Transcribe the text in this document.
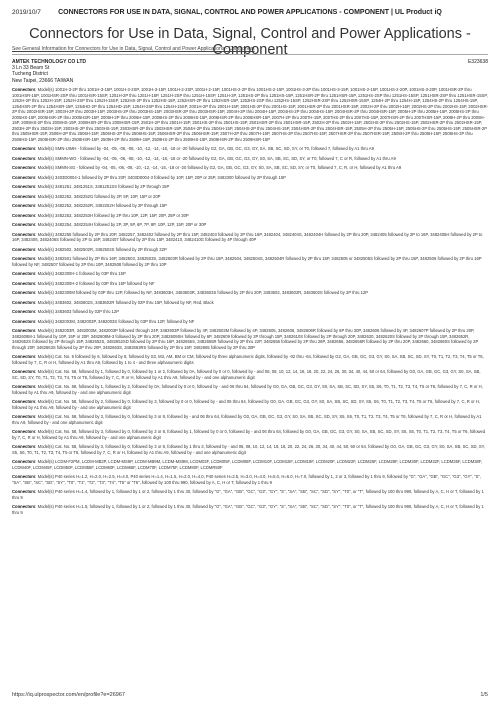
2019/10/7	CONNECTORS FOR USE IN DATA, SIGNAL, CONTROL AND POWER APPLICATIONS - COMPONENT | UL Product iQ
Connectors for Use in Data, Signal, Control and Power Applications - Component
See General Information for Connectors for Use in Data, Signal, Control and Power Applications - Component
AMTEK TECHNOLOGY CO LTD	E323638
3 Ln 33 Beam St
Tucheng District
New Taipei, 23666 TAIWAN
Connectors: Model(s) 1001H-3-2P thru 1001H-3-15P, 1001H-3-2SP, 1001H-3-15P, 1001H-2-2SP, 1001H-2-15P, 1001HS-2-2P thru 1001HS-2-15P, 1001HS-3-2P thru 1001HS-3-15P, 1001HS-2-15P, 1001HS-2-20P, 1001HS-3-20P, 1001HSR-2P thru 1001HSR-15P, 1001HSR-2SP thru 1001HSR-15SP, 1251H-2P thru 1251H-15P, 1251H-2SP thru 1251H-15SP, 1251H-2P, 1251HS-2P thru 1251HS-15P, 1251HSR-2P thru 1251HSR-15P, 1251HS-2SP thru 1251HS-15SP, 1251HSR-2SP thru 1251HSR-15SP, 1252H-2P thru 1252H-15P, 1252H-2SP thru 1252H-15SP, 1252HS-2P thru 1252HS-15P, 1252HSR-2P thru 1252HSR-15P, 1252HS-2SP thru 1252HS-15SP, 1252HSR-2SP thru 1252HSR-15SP, 1254H-2P thru 1254H-15P, 1254HS-2P thru 1254HS-15P, 1254HSR-2P thru 1254HSR-15P, 1254HD-2P thru 1254HD-15P, 1254H-2SP thru 1254H-15SP, 2001H-2P thru 2001H-15P, 2001HS-2P thru 2001HS-15P, 2001HSR-2P thru 2001HSR-15P, 2002H-2P thru 2002H-15P, 2002HS-2P thru 2002HS-15P, 2002HSR-2P thru 2002HSR-15P, 2003H-2P thru 2003H-15P, 2003HS-2P thru 2003HS-15P, 2003HSR-2P thru 2003HSR-15P, 2004H-2P thru 2004H-15P, 2004HS-2P thru 2004HS-15P, 2004HSR-2P thru 2004HSR-15P, 2005H-2P thru 2005H-15P, 2005HS-2P thru 2005HS-15P, 2005HSR-2P thru 2005HSR-15P, 2006H-2P thru 2006H-15P, 2006HS-2P thru 2006HS-15P, 2006HSR-2P thru 2006HSR-15P, 2007H-2P thru 2007H-15P, 2007HS-2P thru 2007HS-15P, 2007HSR-2P thru 2007HSR-15P, 2008H-2P thru 2008H-15P, 2008HS-2P thru 2008HS-15P, 2008HSR-2P thru 2008HSR-15P, 2501H-2P thru 2501H-15P, 2501HS-2P thru 2501HS-15P, 2501HSR-2P thru 2501HSR-15P, 2502H-2P thru 2502H-15P, 2502HS-2P thru 2502HS-15P, 2502HSR-2P thru 2502HSR-15P, 2503H-2P thru 2503H-15P, 2503HS-2P thru 2503HS-15P, 2503HSR-2P thru 2503HSR-15P, 2504H-2P thru 2504H-15P, 2504HS-2P thru 2504HS-15P, 2504HSR-2P thru 2504HSR-15P, 2505H-2P thru 2505H-15P, 2505HS-2P thru 2505HS-15P, 2505HSR-2P thru 2505HSR-15P, 2506H-2P thru 2506H-15P, 2506HS-2P thru 2506HS-15P, 2506HSR-2P thru 2506HSR-15P, 2507H-2P thru 2507H-15P, 2507HS-2P thru 2507HS-15P, 2507HSR-2P thru 2507HSR-15P, 2508H-2P thru 2508H-15P, 2508HS-2P thru 2508HS-15P, 2508HSR-2P thru 2508HSR-15P, 2509H-2P thru 2509H-15P, 2509HS-2P thru 2509HS-15P, 2509HSR-2P thru 2509HSR-15P
Connectors: Model(s) SMN-UIMH - followed by -04, -05, -06, -08, -10, -12, -14, -16, -18 or -20 followed by G2, GA, GB, GC, G3, GY, SA, SB, SC, SD, SY, or T0, followed 7, followed by A1 thru A9
Connectors: Model(s) SMMN-WG - followed by -04, -05, -06, -08, -10, -12, -14, -16, -18 or -20 followed by G2, GA, GB, GC, G3, GY, S0, SA, SB, SC, SD, SY, or T0, followed 7, C or R, followed by A1 thru A9
Connectors: Model(s) SMMN-SG - followed by -04, -05, -06, -08, -10, -12, -14, -16, -18 or -20 followed by G2, GA, GB, GC, G3, GY, S0, SA, SB, SC, SD, SY, or T0, followed 7, C, R, or H, followed by A1 thru A9
Connectors: Model(s) 3403D0004-1 followed by 2P thru 20P, 3403D0004-3 followed by 10P, 15P, 20P or 25P, 3482300 followed by 2P through 15P
Connectors: Model(s) 3481251 ,3481251S, 3481251SS followed by 2P through 15P
Connectors: Model(s) 3482252, 3482252G followed by 2P, 5P, 10P, 15P or 20P
Connectors: Model(s) 3482252, 3482252R, 3482252H followed by 2P through 15P
Connectors: Model(s) 3482253, 3482253H followed by 2P thru 10P, 12P, 15P, 20P, 25P or 30P
Connectors: Model(s) 3482254, 3482254H followed by 2P, 3P, 5P, 6P, 7P, 8P, 10P, 12P, 15P, 20P or 30P
Connectors: Model(s) 3482255 followed by 2P thru 20P, 3482257, 3482402 followed by 2P thru 15P, 3482403 followed by 2P thru 16P, 3482404, 3482404S, 3482404H followed by 2P thru 20P, 3482405 followed by 2P to 16P, 3482405H followed by 2P to 16P, 3482406, 3482406S followed by 2P to 16P, 3482407 followed by 2P thru 15P, 3482410, 3482410G followed by 4P through 40P
Connectors: Model(s) 3482502, 3482502R, 3482502S followed by 2P through 32P
Connectors: Model(s) 3482501 followed by 2P thru 16P, 3482503, 3482503S, 3482503R followed by 2P thru 15P, 3482504, 3482504S, 3482504R followed by 2P thru 15P, 3482505 or 3482505S followed by 2P thru 15P, 3482506 followed by 2P thru 16P followed by NF, 3482507 followed by 2P thru 10P, 3482508 followed by 2P thru 10P
Connectors: Model(s) 3482300H-1 followed by 03P thru 15P
Connectors: Model(s) 3482300H-2 followed by 03P thru 15P followed by NF
Connectors: Model(s) 3482300M followed by 03P thru 12P, followed by NF, 3483603H, 3483603R, 3483603S followed by 2P thru 20P, 3483602, 3483602R, 3483602S followed by 2P thru 12P
Connectors: Model(s) 3483602, 3483602S, 3483602R followed by 02P thru 15P, followed by NF, Red, Black
Connectors: Model(s) 3483603 followed by 02P thru 12P
Connectors: Model(s) 3482003M, 3482003P, 3482003S followed by 03P thru 12P, followed by NF
Connectors: Model(s) 3482003R, 3482003M, 3482003P followed through 24P, 3482603P followed by 4P, 3482602M followed by 4P, 3482605, 3482606, 3482606R followed by 6P thru 30P, 3482606 followed by 4P, 3482607P followed by 2P thru 20P, 3482608M-1 followed by 10P, 15P or 20P, 3482608M-3 followed by 2P thru 20P, 3482609SH followed by 6P, 3482609 followed by 2P through 15P, 3482610S followed by 2P through 20P, 3482620, 3482620S followed by 2P through 15P, 3482652R, 3482652S followed by 2P through 15P, 3482652S, 3482652SD followed by 2P thru 16P, 3482655S, 3482655R followed by 2P thru 22P, 3482656 followed by 2P thru 28P, 3482656, 3482656R followed by 2P thru 20P, 3482660, 3482660S followed by 2P through 20P, 3482663S followed by 2P thru 20P, 3482663S, 3482663RS followed by 2P thru 15P, 3482665 followed by 2P thru 30P
Connectors: Model(s) Cat. No. 5 followed by 6, followed by 8, followed by S3, M3, AM, BM or CM, followed by three alphanumeric digits, followed by -02 thru -64, followed by G2, GA, GB, GC, G3, GY, S0, SA, SB, SC, SD, SY, T0, T1, T2, T3, T4, T5 or T6, followed by 7, C, R or H, followed by A1 thru A9, followed by 1 to 4 - and three alphanumeric digits
Connectors: Model(s) Cat. No. 58, followed by 1, followed by 0, followed by 1 or 2, followed by 0A, followed by 0 or 0, followed by - and 06, 08, 10, 12, 14, 16, 18, 20, 22, 24, 26, 30, 34, 40, 44, 50 or 64, followed by G0, GA, GB, GC, G3, GY, S0, SA, SB, SC, SD, SY, T0, T1, T2, T3, T4, T5 or T6, followed by 7, C, R or H, followed by A1 thru A9, followed by - and one alphanumeric digit
Connectors: Model(s) Cat. No. 58, followed by 1, followed by 2, followed by 0A, followed by 0 or 0, followed by - and 06 thru 64, followed by G0, GA, GB, GC, G3, GY, S0, SA, SB, SC, SD, SY, S5, S6, T0, T1, T2, T3, T4, T5 or T6, followed by 7, C, R or H, followed by A1 thru A9, followed by - and one alphanumeric digit
Connectors: Model(s) Cat. No. 58, followed by 2, followed by 0, followed by 3, followed by 0 or 0, followed by - and 06 thru 64, followed by G0, GA, GB, GC, G3, GY, S0, SA, SB, SC, SD, SY, S5, S6, T0, T1, T2, T3, T4, T5 or T6, followed by 7, C, R or H, followed by A1 thru A9, followed by - and one alphanumeric digit
Connectors: Model(s) Cat. No. 58, followed by 3, followed by 0, followed by 3 or 8, followed by - and 06 thru 64, followed by G0, GA, GB, GC, G3, GY, S0, SA, SB, SC, SD, SY, S5, S6, T0, T1, T2, T3, T4, T5 or T6, followed by 7, C, R or H, followed by A1 thru A9, followed by - and one alphanumeric digit
Connectors: Model(s) Cat. No. 58, followed by 3, followed by 0, followed by 3 or 8, followed by 1, followed by 0 or 0, followed by - and 06 thru 64, followed by G0, GA, GB, GC, G3, GY, S0, SA, SB, SC, SD, SY, S5, S6, T0, T1, T2, T3, T4, T5 or T6, followed by 7, C, R or H, followed by A1 thru A9, followed by - and one alphanumeric digit
Connectors: Model(s) Cat. No. 58, followed by 3, followed by 0, followed by 3 or 8, followed by 1 thru 3, followed by - and 06, 08, 10, 12, 14, 16, 18, 20, 22, 24, 26, 30, 34, 40, 44, 50, 60 or 64, followed by G0, GA, GB, GC, G3, GY, S0, SA, SB, SC, SD, SY, S5, S6, T0, T1, T2, T3, T4, T5 or T6, followed by 7, C, R or H, followed by A1 thru A9, followed by - and one alphanumeric digit
Connectors: Model(s) LCDM-F2PM, LCDM-MB2P, LCDM-MS9P, LCDM-MB9M, LCDM-MS9M, LCDM03F, LCDM05F, LCDM08F, LCDM10F, LCDM15F, LCDM18F, LCDM20F, LCDM22F, LCDM25F, LCDM28F, LCDM30F, LCDM32F, LCDM35F, LCDM38F, LCDM40F, LCDM45F, LCDM50F, LCDM55F, LCDM60F, LCDM65F, LCDM70F, LCDM75F, LCDM80F, LCDMR50F
Connectors: Model(s) P40 series H=1.2, H=2.0, H=2.5, H=4.0, P40 series H=1.4, H=1.5, H=2.0, H=4.0, P40 series H=2.5, H=3.0, H=4.0, H=5.0, H=6.0, H=7.0, followed by 1, 2 or 3, followed by 1 thru 9, followed by "G", "GA", "GB", "GC", "G3", "GY", "S", "SA", "SB", "SC", "SD", "SY", "T0", "T1", "T2", "T3", "T4", "T5" or "T6", followed by 100 thru 990, followed by A, C, H or T, followed by 1 thru 9
Connectors: Model(s) P40 series H=1.4, followed by 1, followed by 1 or 2, followed by 1 thru 30, followed by "G", "GA", "GB", "GC", "G3", "GY", "S", "SA", "SB", "SC", "SD", "SY", "T0", or "T", followed by 100 thru 990, followed by A, C, H or T, followed by 1 thru 9
Connectors: Model(s) P40 series H=1.5, followed by 1, followed by 1 or 2, followed by 1 thru 30, followed by "G", "GA", "GB", "GC", "G3", "GY", "S", "SA", "SB", "SC", "SD", "SY", "T0", or "T", followed by 100 thru 990, followed by A, C, H or T, followed by 1 thru 9
https://iq.ulprospector.com/en/profile?e=26967	1/5
